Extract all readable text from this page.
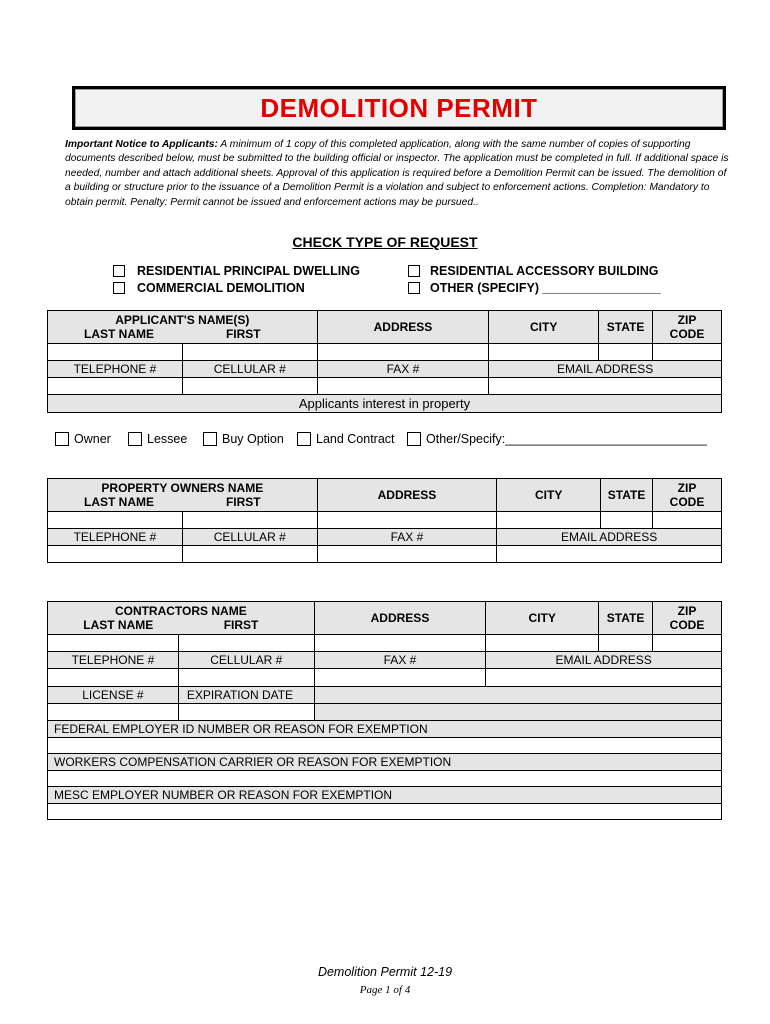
DEMOLITION PERMIT
Important Notice to Applicants: A minimum of 1 copy of this completed application, along with the same number of copies of supporting documents described below, must be submitted to the building official or inspector. The application must be completed in full. If additional space is needed, number and attach additional sheets. Approval of this application is required before a Demolition Permit can be issued. The demolition of a building or structure prior to the issuance of a Demolition Permit is a violation and subject to enforcement actions. Completion: Mandatory to obtain permit. Penalty: Permit cannot be issued and enforcement actions may be pursued..
CHECK TYPE OF REQUEST
RESIDENTIAL PRINCIPAL DWELLING	RESIDENTIAL ACCESSORY BUILDING
COMMERCIAL DEMOLITION	OTHER (SPECIFY) _________________
APPLICANT'S NAME(S)
LAST NAME FIRST		ADDRESS	CITY	STATE	ZIP CODE

TELEPHONE #	CELLULAR #	FAX #	EMAIL ADDRESS		

Applicants interest in property					
Owner	Lessee	Buy Option	Land Contract	Other/Specify:_____________________________
PROPERTY OWNERS NAME
LAST NAME FIRST		ADDRESS	CITY	STATE	ZIP CODE

TELEPHONE #	CELLULAR #	FAX #	EMAIL ADDRESS		

CONTRACTORS NAME
LAST NAME FIRST		ADDRESS	CITY	STATE	ZIP CODE

TELEPHONE #	CELLULAR #	FAX #	EMAIL ADDRESS		

LICENSE #	EXPIRATION DATE				

FEDERAL EMPLOYER ID NUMBER OR REASON FOR EXEMPTION					

WORKERS COMPENSATION CARRIER OR REASON FOR EXEMPTION					

MESC EMPLOYER NUMBER OR REASON FOR EXEMPTION					

Demolition Permit 12-19
Page 1 of 4
